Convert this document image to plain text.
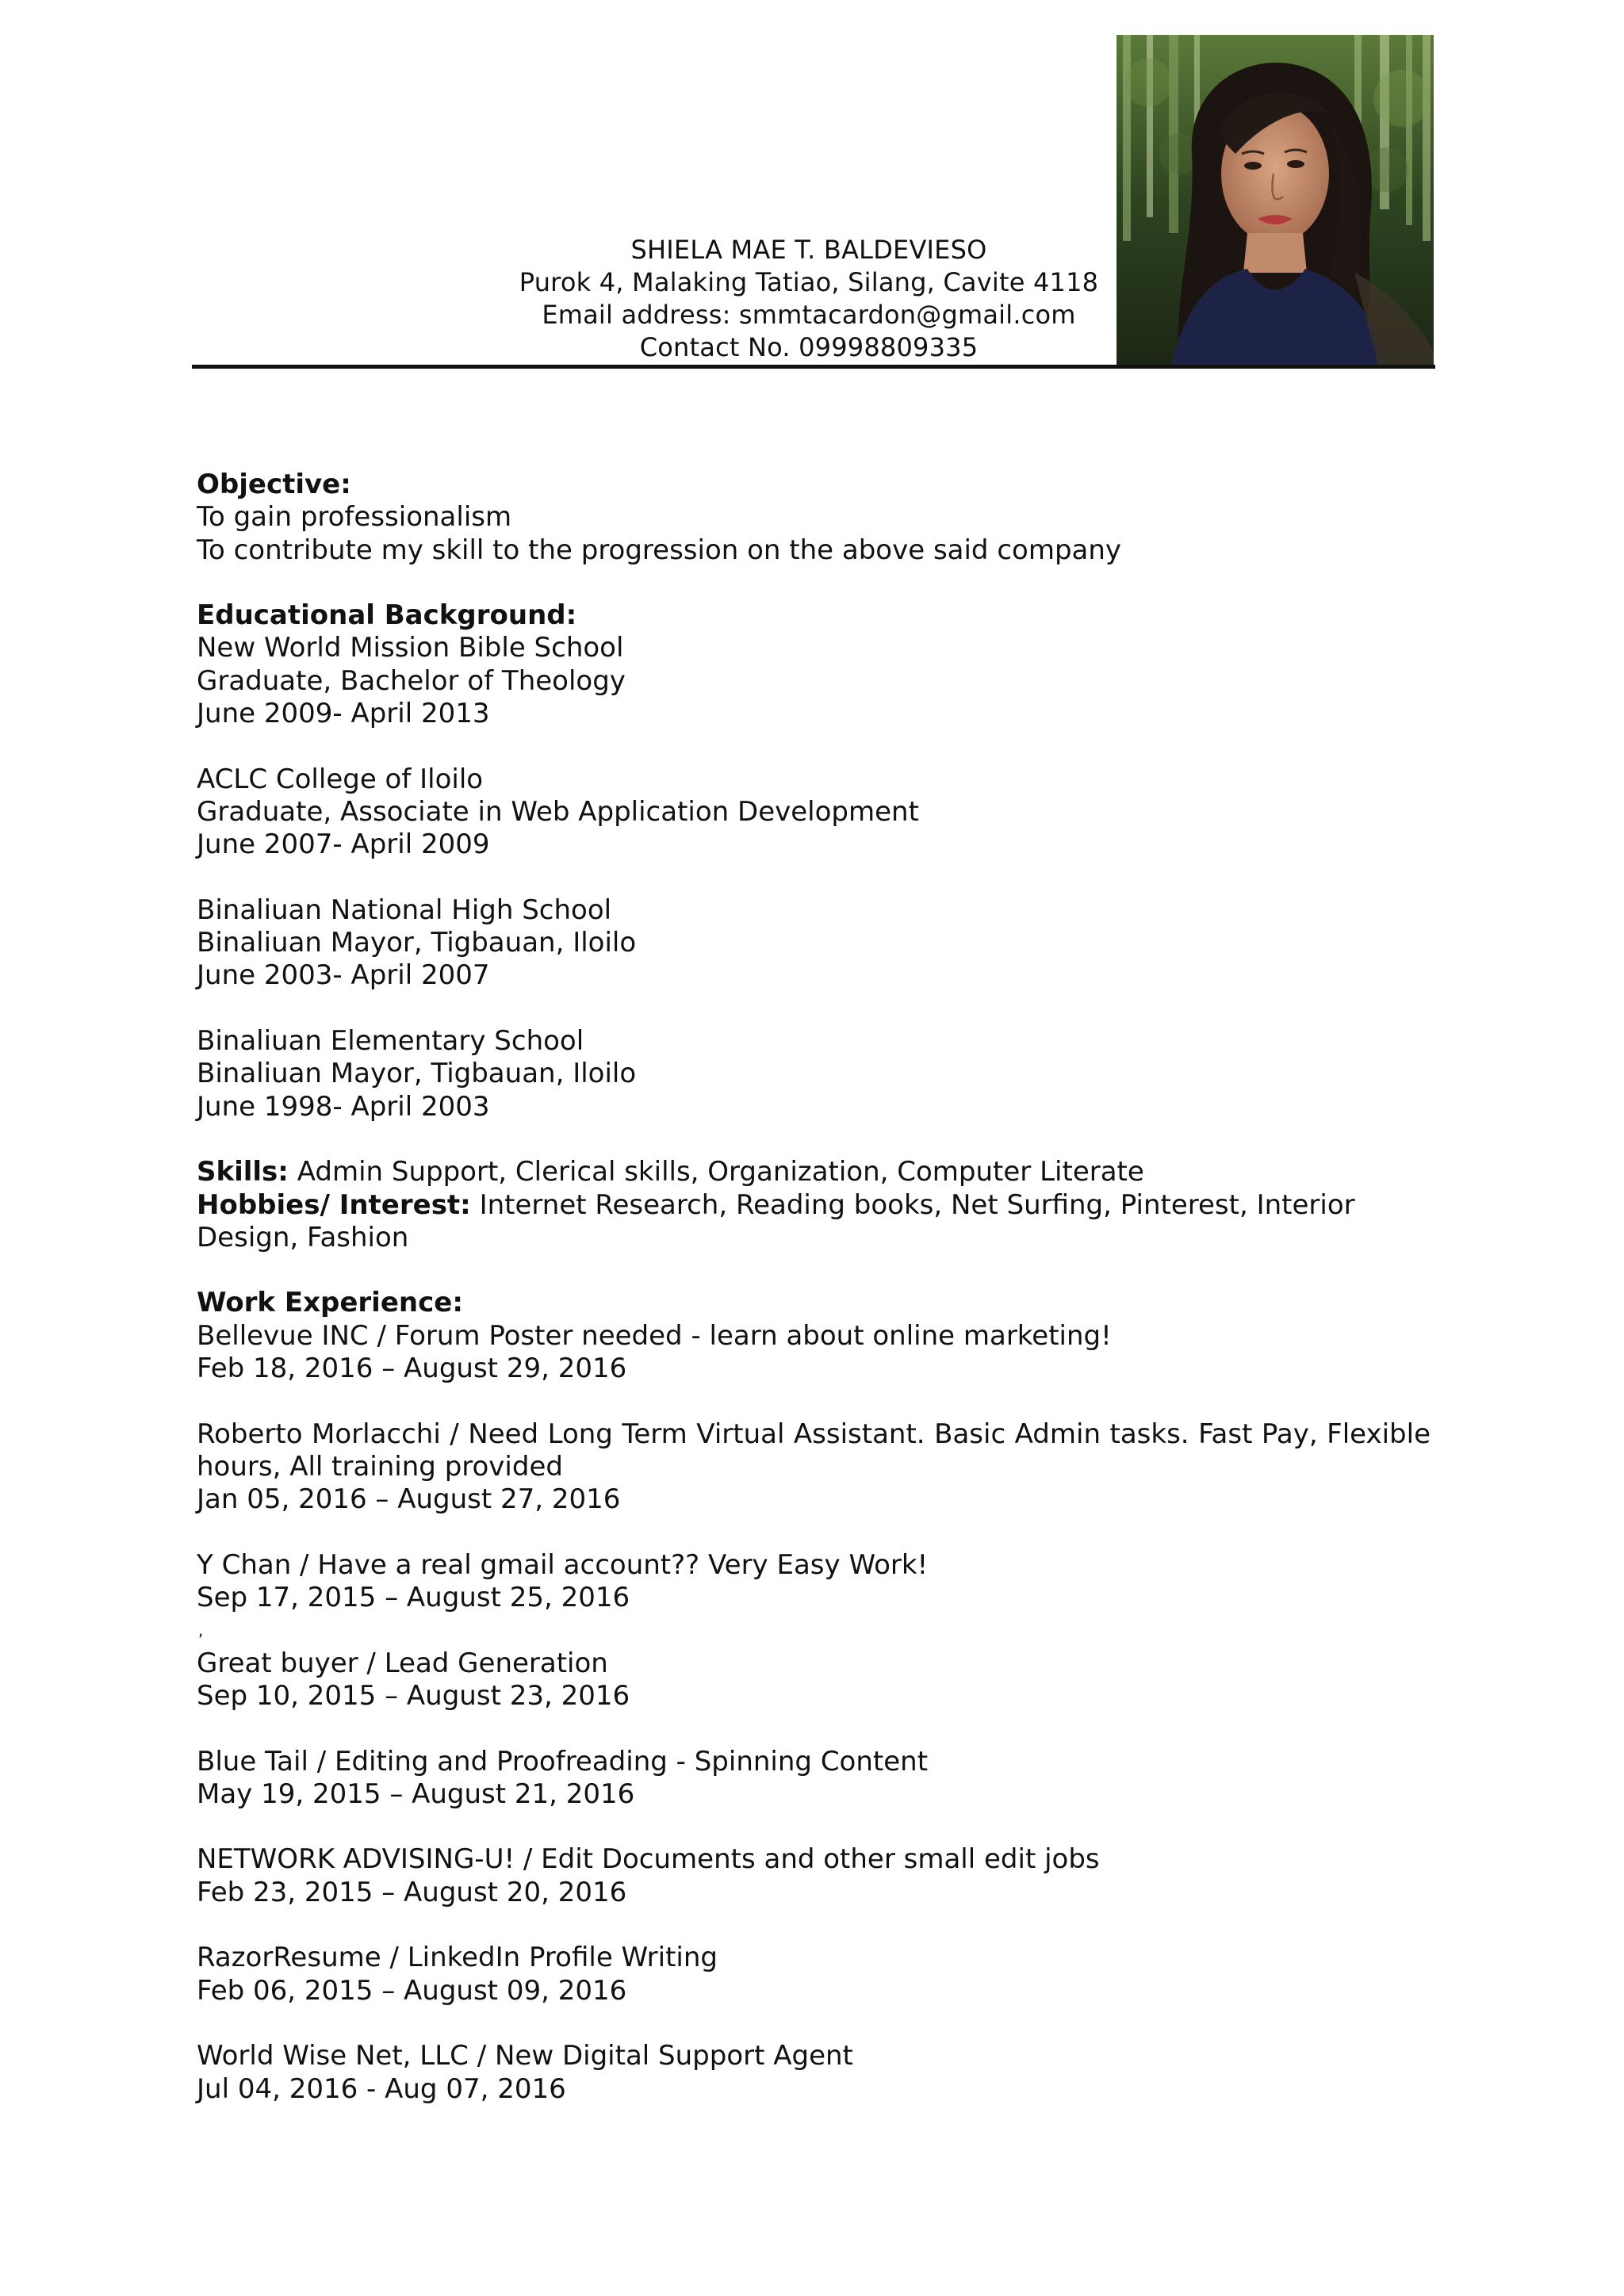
SHIELA MAE T. BALDEVIESO
Purok 4, Malaking Tatiao, Silang, Cavite 4118
Email address: smmtacardon@gmail.com
Contact No. 09998809335

Objective:

To gain professionalism

To contribute my skill to the progression on the above said company

Educational Background:

New World Mission Bible School

Graduate, Bachelor of Theology

June 2009- April 2013

ACLC College of Iloilo

Graduate, Associate in Web Application Development

June 2007- April 2009

Binaliuan National High School

Binaliuan Mayor, Tigbauan, Iloilo

June 2003- April 2007

Binaliuan Elementary School

Binaliuan Mayor, Tigbauan, Iloilo

June 1998- April 2003

Skills: Admin Support, Clerical skills, Organization, Computer Literate

Hobbies/ Interest: Internet Research, Reading books, Net Surfing, Pinterest, Interior Design, Fashion

Work Experience:

Bellevue INC / Forum Poster needed - learn about online marketing!

Feb 18, 2016 – August 29, 2016

Roberto Morlacchi / Need Long Term Virtual Assistant. Basic Admin tasks. Fast Pay, Flexible hours, All training provided

Jan 05, 2016 – August 27, 2016

Y Chan / Have a real gmail account?? Very Easy Work!

Sep 17, 2015 – August 25, 2016

,

Great buyer / Lead Generation

Sep 10, 2015 – August 23, 2016

Blue Tail / Editing and Proofreading - Spinning Content

May 19, 2015 – August 21, 2016

NETWORK ADVISING-U! / Edit Documents and other small edit jobs

Feb 23, 2015 – August 20, 2016

RazorResume / LinkedIn Profile Writing

Feb 06, 2015 – August 09, 2016

World Wise Net, LLC / New Digital Support Agent

Jul 04, 2016 - Aug 07, 2016
